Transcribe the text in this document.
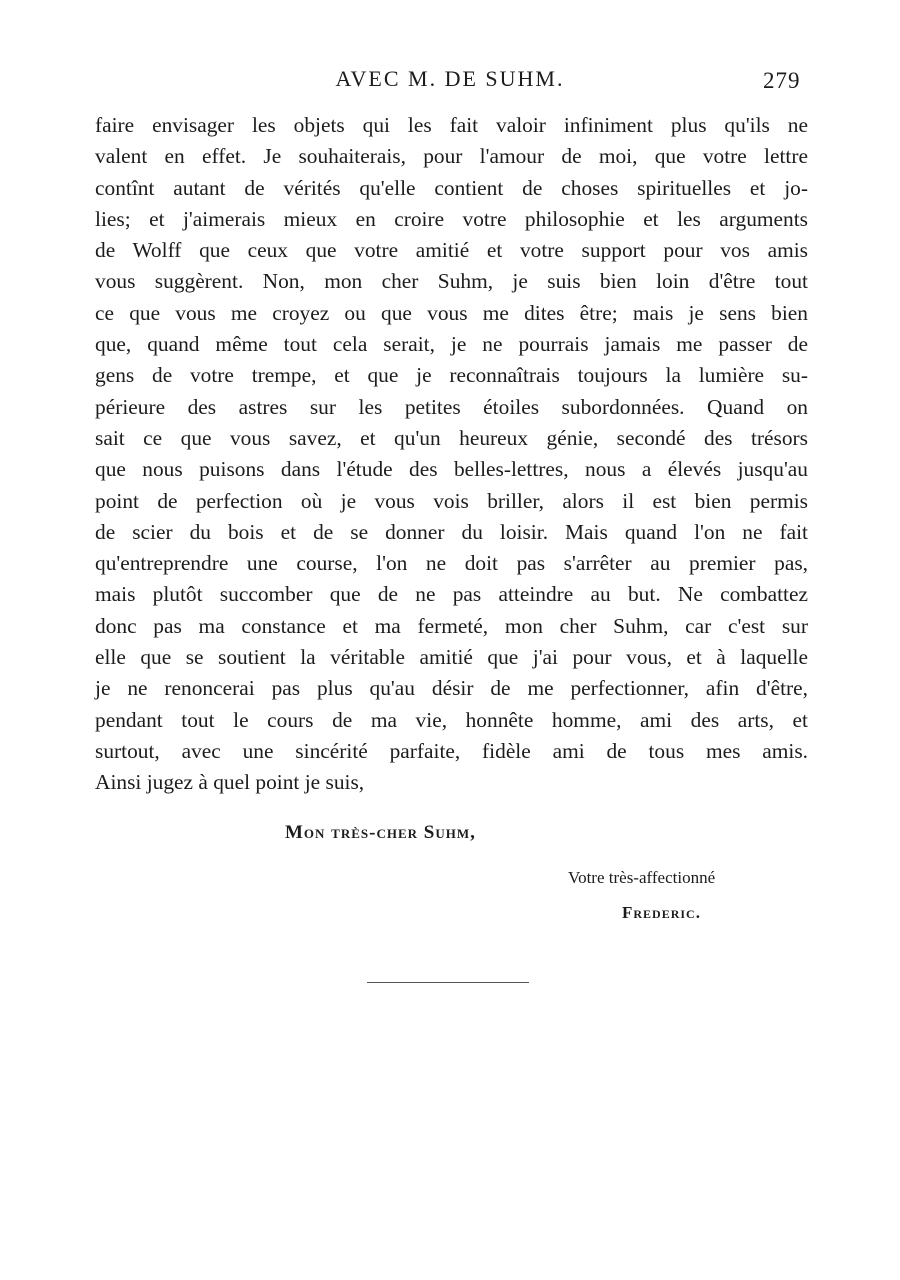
AVEC M. DE SUHM.	279
faire envisager les objets qui les fait valoir infiniment plus qu'ils ne
valent en effet. Je souhaiterais, pour l'amour de moi, que votre lettre
contînt autant de vérités qu'elle contient de choses spirituelles et jo-
lies; et j'aimerais mieux en croire votre philosophie et les arguments
de Wolff que ceux que votre amitié et votre support pour vos amis
vous suggèrent. Non, mon cher Suhm, je suis bien loin d'être tout
ce que vous me croyez ou que vous me dites être; mais je sens bien
que, quand même tout cela serait, je ne pourrais jamais me passer de
gens de votre trempe, et que je reconnaîtrais toujours la lumière su-
périeure des astres sur les petites étoiles subordonnées. Quand on
sait ce que vous savez, et qu'un heureux génie, secondé des trésors
que nous puisons dans l'étude des belles-lettres, nous a élevés jusqu'au
point de perfection où je vous vois briller, alors il est bien permis
de scier du bois et de se donner du loisir. Mais quand l'on ne fait
qu'entreprendre une course, l'on ne doit pas s'arrêter au premier pas,
mais plutôt succomber que de ne pas atteindre au but. Ne combattez
donc pas ma constance et ma fermeté, mon cher Suhm, car c'est sur
elle que se soutient la véritable amitié que j'ai pour vous, et à laquelle
je ne renoncerai pas plus qu'au désir de me perfectionner, afin d'être,
pendant tout le cours de ma vie, honnête homme, ami des arts, et
surtout, avec une sincérité parfaite, fidèle ami de tous mes amis.
Ainsi jugez à quel point je suis,
Mon très-cher Suhm,
Votre très-affectionné
Frederic.
